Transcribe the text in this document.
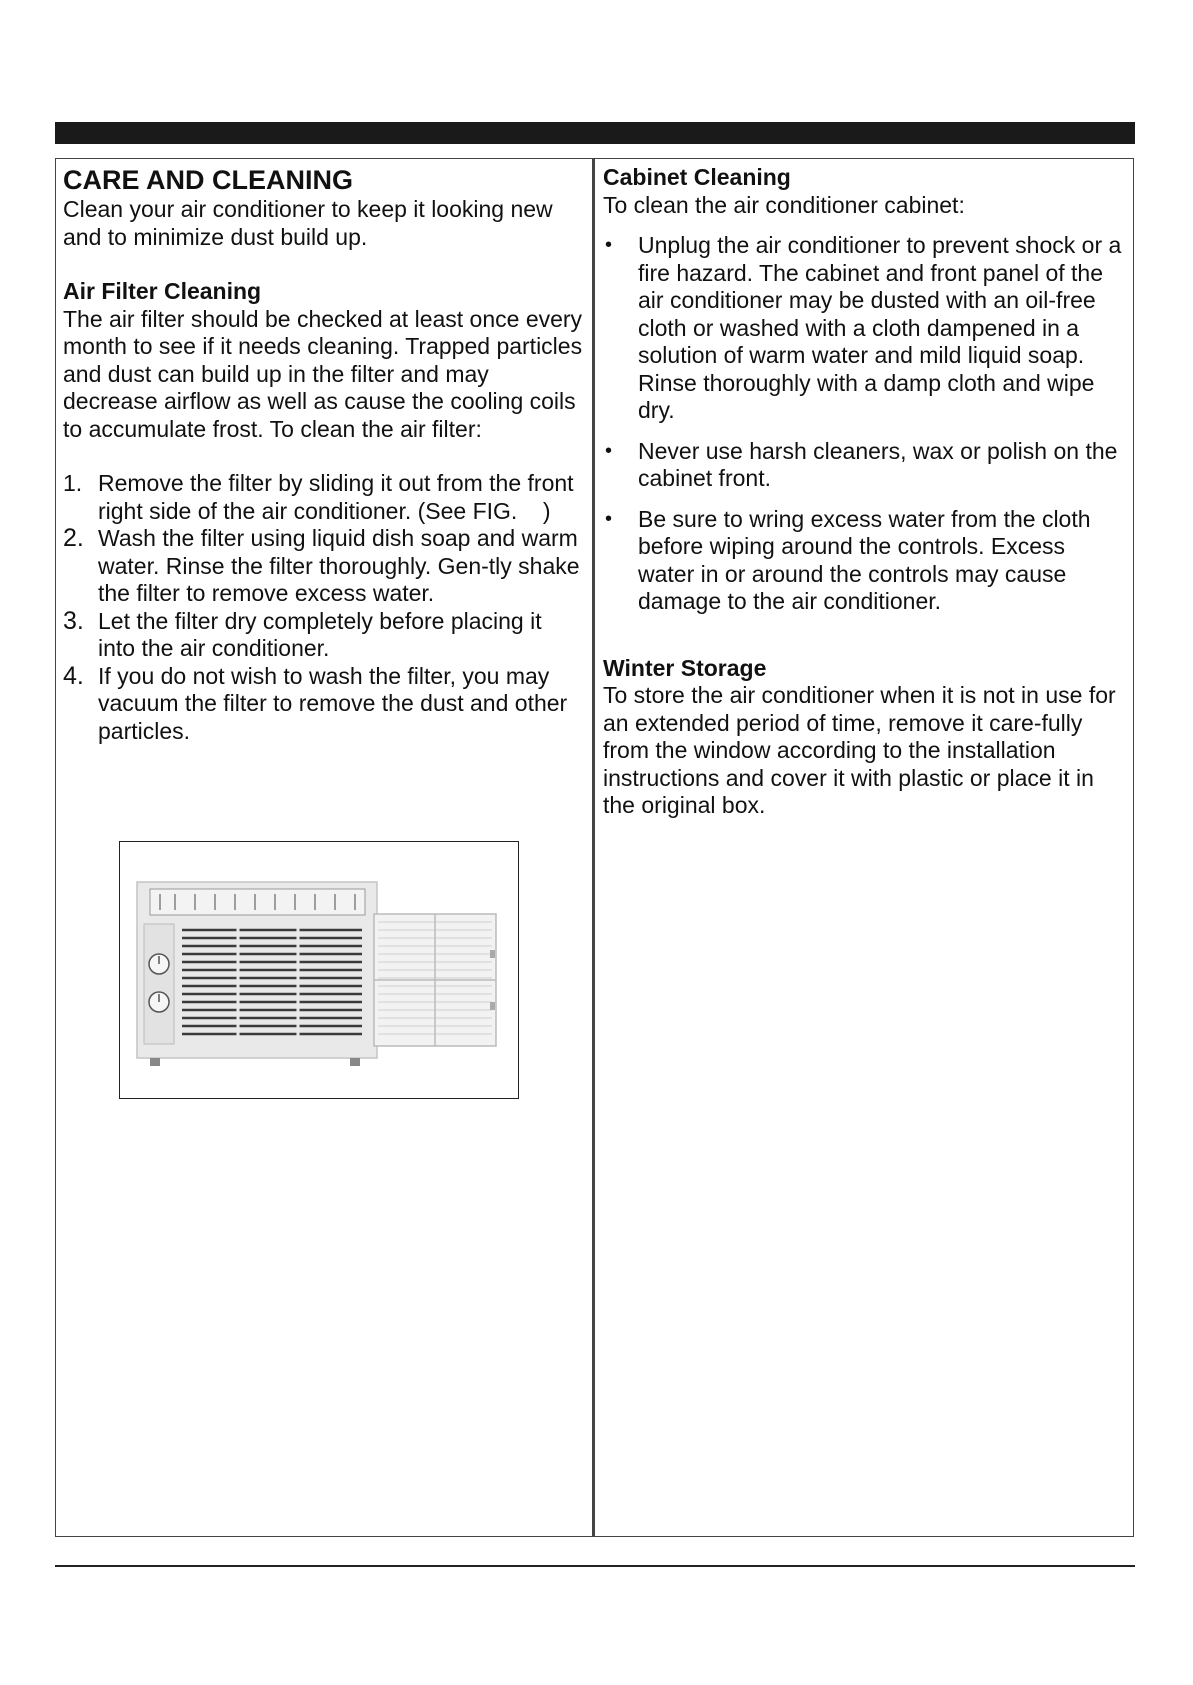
CARE AND CLEANING

Clean your air conditioner to keep it looking new and to minimize dust build up.

Air Filter Cleaning

The air filter should be checked at least once every month to see if it needs cleaning. Trapped particles and dust can build up in the filter and may decrease airflow as well as cause the cooling coils to accumulate frost. To clean the air filter:

1. Remove the filter by sliding it out from the front right side of the air conditioner. (See FIG.    )
2. Wash the filter using liquid dish soap and warm water. Rinse the filter thoroughly. Gen-tly shake the filter to remove excess water.
3. Let the filter dry completely before placing it into the air conditioner.
4. If you do not wish to wash the filter, you may vacuum the filter to remove the dust and other particles.
Cabinet Cleaning

To clean the air conditioner cabinet:

• Unplug the air conditioner to prevent shock or a fire hazard. The cabinet and front panel of the air conditioner may be dusted with an oil-free cloth or washed with a cloth dampened in a solution of warm water and mild liquid soap. Rinse thoroughly with a damp cloth and wipe dry.
• Never use harsh cleaners, wax or polish on the cabinet front.
• Be sure to wring excess water from the cloth before wiping around the controls. Excess water in or around the controls may cause damage to the air conditioner.
Winter Storage

To store the air conditioner when it is not in use for an extended period of time, remove it care-fully from the window according to the installation instructions and cover it with plastic or place it in the original box.
